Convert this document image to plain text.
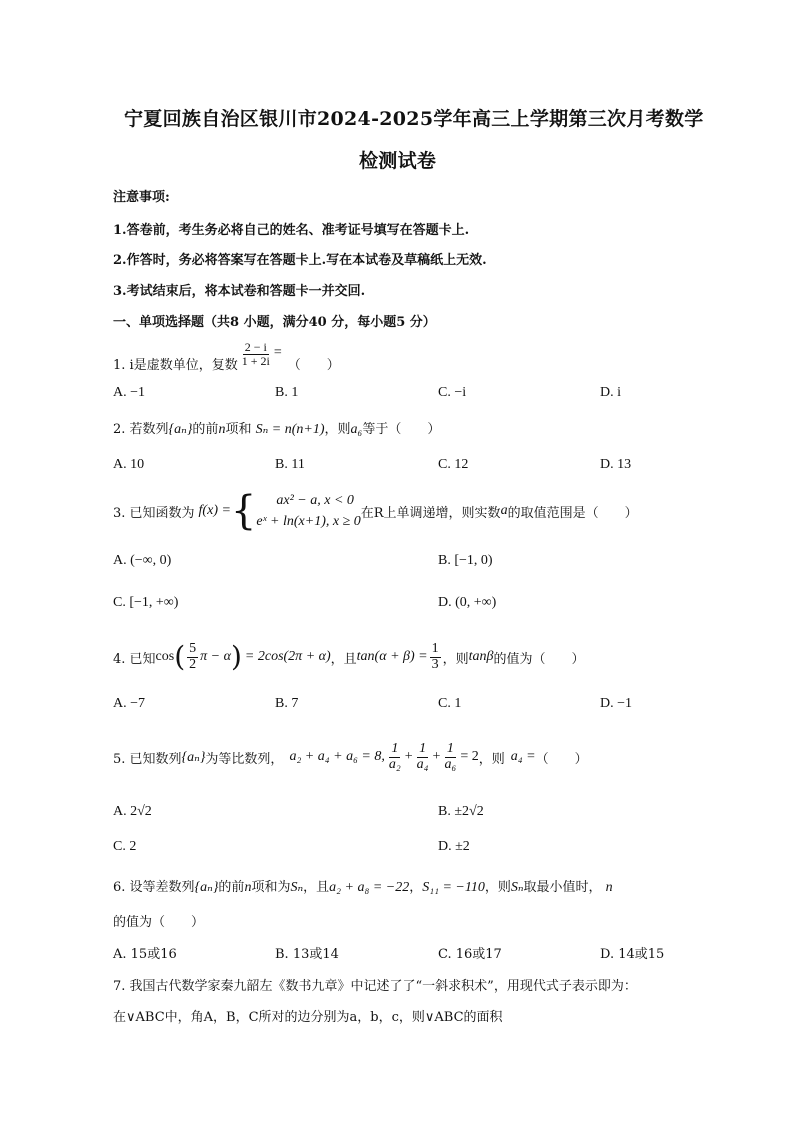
宁夏回族自治区银川市2024-2025学年高三上学期第三次月考数学
检测试卷
注意事项:
1.答卷前，考生务必将自己的姓名、准考证号填写在答题卡上.
2.作答时，务必将答案写在答题卡上.写在本试卷及草稿纸上无效.
3.考试结束后，将本试卷和答题卡一并交回.
一、单项选择题（共8 小题，满分40 分，每小题5 分）
1. i是虚数单位，复数 $\frac{2 - i}{1 + 2i}$ =
（　　）
A. −1	B. 1	C. −i	D. i
2. 若数列{aₙ}的前n项和 Sₙ = n(n+1)，则a₆等于（　　）
A. 10	B. 11	C. 12	D. 13
3. 已知函数为 f(x) = {	ax² − a, x < 0
eˣ + ln(x+1), x ≥ 0
在R上单调递增，则实数 a 的取值范围是（　　）
A. (−∞, 0)	B. [−1, 0)
C. [−1, +∞)	D. (0, +∞)
4. 已知 cos ( $\frac{5}{2}$ π − α ) = 2cos(2π + α) ，且 $\tan(\alpha + \beta) = \frac{1}{3}$ ，则 tanβ 的值为（　　）
A. −7	B. 7	C. 1	D. −1
5. 已知数列 {aₙ} 为等比数列， a₂ + a₄ + a₆ = 8, $\frac{1}{\text{a₂}} + \frac{1}{\text{a₄}} + \frac{1}{\text{a₆}} = 2$ ，则 a₄ = （　　）
A. 2√2	B. ±2√2
C. 2	D. ±2
6. 设等差数列{aₙ}的前n项和为Sₙ，且a₂ + a₈ = −22，S₁₁ = −110，则Sₙ取最小值时， n
的值为（　　）
A. 15或16	B. 13或14	C. 16或17	D. 14或15
7. 我国古代数学家秦九韶左《数书九章》中记述了了“一斜求积术”，用现代式子表示即为：
在∨ABC中，角A，B，C所对的边分别为a，b，c，则∨ABC的面积
